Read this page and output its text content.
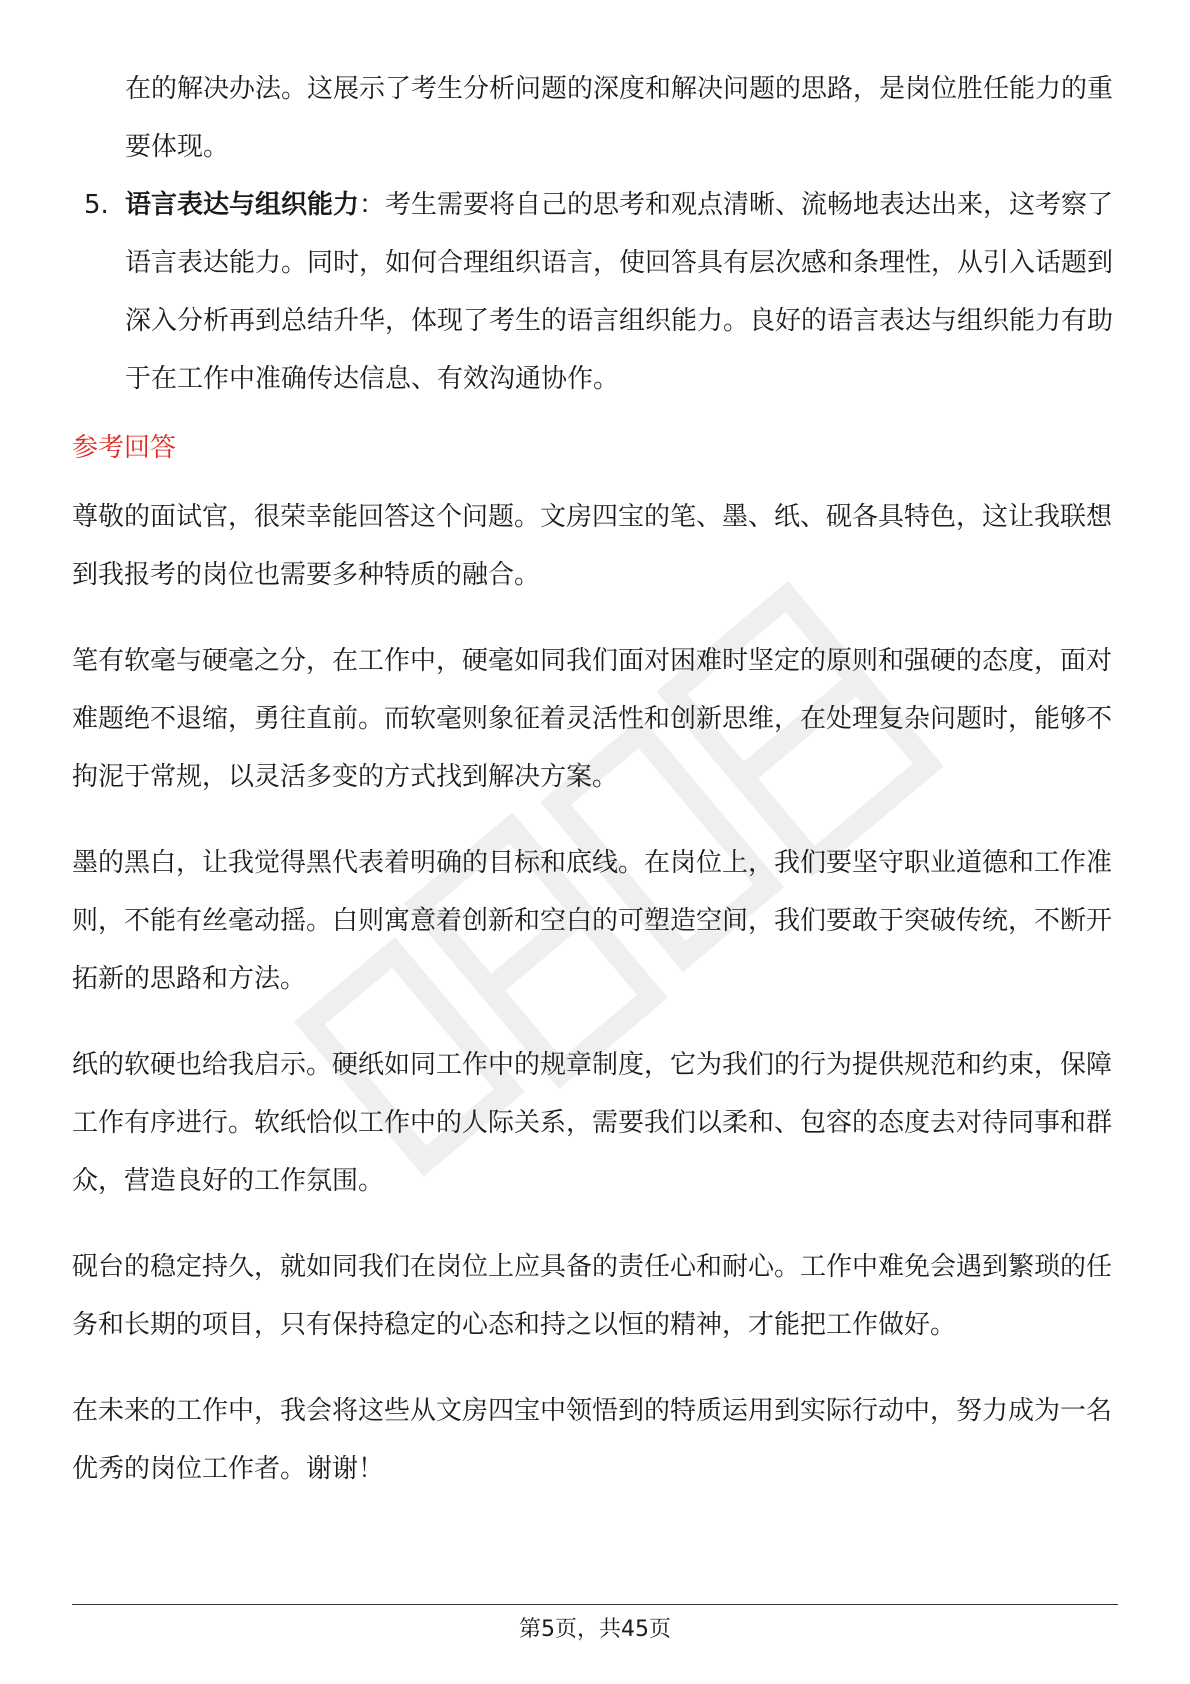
在的解决办法。这展示了考生分析问题的深度和解决问题的思路，是岗位胜任能力的重要体现。

5. 语言表达与组织能力：考生需要将自己的思考和观点清晰、流畅地表达出来，这考察了语言表达能力。同时，如何合理组织语言，使回答具有层次感和条理性，从引入话题到深入分析再到总结升华，体现了考生的语言组织能力。良好的语言表达与组织能力有助于在工作中准确传达信息、有效沟通协作。
参考回答

尊敬的面试官，很荣幸能回答这个问题。文房四宝的笔、墨、纸、砚各具特色，这让我联想到我报考的岗位也需要多种特质的融合。

笔有软毫与硬毫之分，在工作中，硬毫如同我们面对困难时坚定的原则和强硬的态度，面对难题绝不退缩，勇往直前。而软毫则象征着灵活性和创新思维，在处理复杂问题时，能够不拘泥于常规，以灵活多变的方式找到解决方案。

墨的黑白，让我觉得黑代表着明确的目标和底线。在岗位上，我们要坚守职业道德和工作准则，不能有丝毫动摇。白则寓意着创新和空白的可塑造空间，我们要敢于突破传统，不断开拓新的思路和方法。

纸的软硬也给我启示。硬纸如同工作中的规章制度，它为我们的行为提供规范和约束，保障工作有序进行。软纸恰似工作中的人际关系，需要我们以柔和、包容的态度去对待同事和群众，营造良好的工作氛围。

砚台的稳定持久，就如同我们在岗位上应具备的责任心和耐心。工作中难免会遇到繁琐的任务和长期的项目，只有保持稳定的心态和持之以恒的精神，才能把工作做好。

在未来的工作中，我会将这些从文房四宝中领悟到的特质运用到实际行动中，努力成为一名优秀的岗位工作者。谢谢！

第5页，共45页
